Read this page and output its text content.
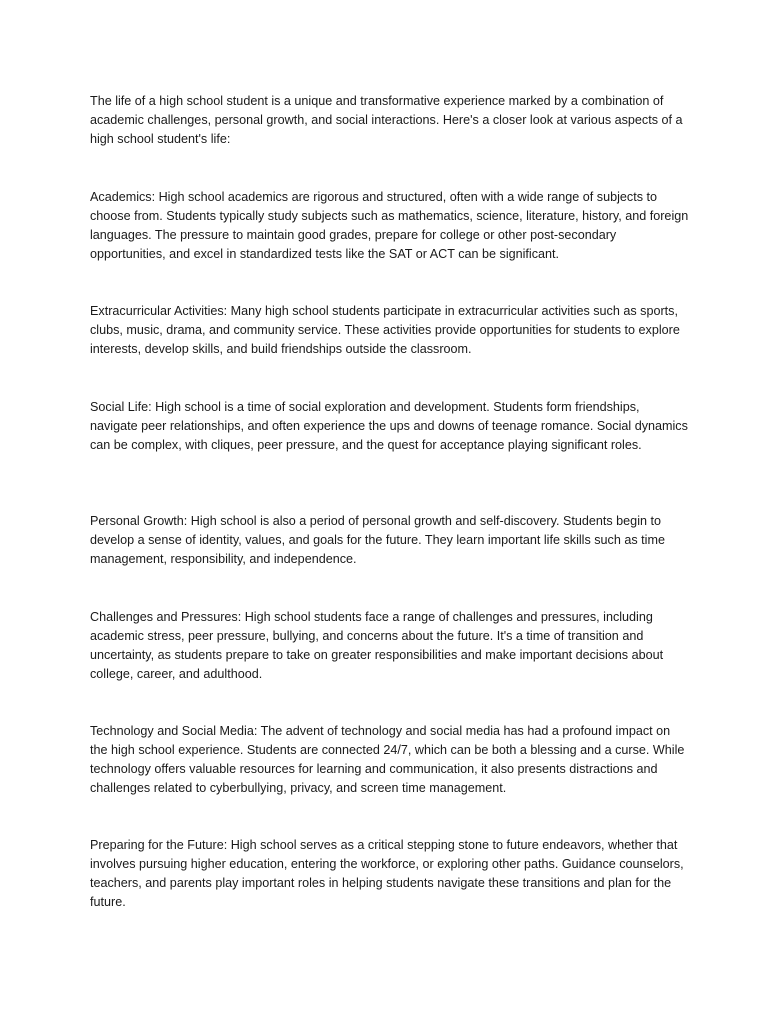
The life of a high school student is a unique and transformative experience marked by a combination of academic challenges, personal growth, and social interactions. Here's a closer look at various aspects of a high school student's life:

Academics: High school academics are rigorous and structured, often with a wide range of subjects to choose from. Students typically study subjects such as mathematics, science, literature, history, and foreign languages. The pressure to maintain good grades, prepare for college or other post-secondary opportunities, and excel in standardized tests like the SAT or ACT can be significant.

Extracurricular Activities: Many high school students participate in extracurricular activities such as sports, clubs, music, drama, and community service. These activities provide opportunities for students to explore interests, develop skills, and build friendships outside the classroom.

Social Life: High school is a time of social exploration and development. Students form friendships, navigate peer relationships, and often experience the ups and downs of teenage romance. Social dynamics can be complex, with cliques, peer pressure, and the quest for acceptance playing significant roles.

Personal Growth: High school is also a period of personal growth and self-discovery. Students begin to develop a sense of identity, values, and goals for the future. They learn important life skills such as time management, responsibility, and independence.

Challenges and Pressures: High school students face a range of challenges and pressures, including academic stress, peer pressure, bullying, and concerns about the future. It's a time of transition and uncertainty, as students prepare to take on greater responsibilities and make important decisions about college, career, and adulthood.

Technology and Social Media: The advent of technology and social media has had a profound impact on the high school experience. Students are connected 24/7, which can be both a blessing and a curse. While technology offers valuable resources for learning and communication, it also presents distractions and challenges related to cyberbullying, privacy, and screen time management.

Preparing for the Future: High school serves as a critical stepping stone to future endeavors, whether that involves pursuing higher education, entering the workforce, or exploring other paths. Guidance counselors, teachers, and parents play important roles in helping students navigate these transitions and plan for the future.
